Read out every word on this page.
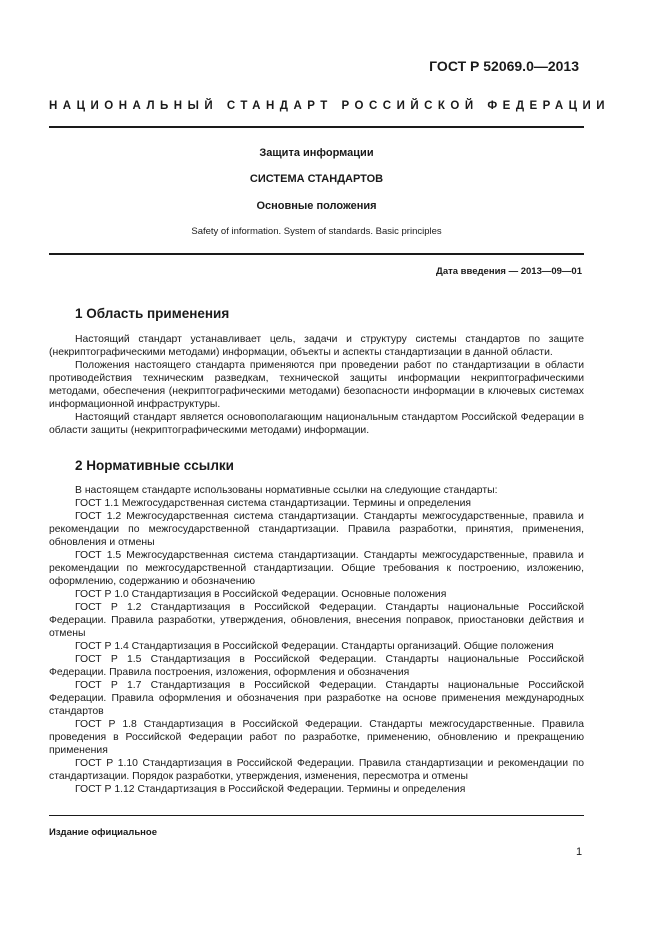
ГОСТ Р 52069.0—2013
НАЦИОНАЛЬНЫЙ СТАНДАРТ РОССИЙСКОЙ ФЕДЕРАЦИИ
Защита информации
СИСТЕМА СТАНДАРТОВ
Основные положения
Safety of information. System of standards. Basic principles
Дата введения — 2013—09—01
1 Область применения

Настоящий стандарт устанавливает цель, задачи и структуру системы стандартов по защите (некриптографическими методами) информации, объекты и аспекты стандартизации в данной области.

Положения настоящего стандарта применяются при проведении работ по стандартизации в области противодействия техническим разведкам, технической защиты информации некриптографическими методами, обеспечения (некриптографическими методами) безопасности информации в ключевых системах информационной инфраструктуры.

Настоящий стандарт является основополагающим национальным стандартом Российской Федерации в области защиты (некриптографическими методами) информации.

2 Нормативные ссылки

В настоящем стандарте использованы нормативные ссылки на следующие стандарты:

ГОСТ 1.1 Межгосударственная система стандартизации. Термины и определения

ГОСТ 1.2 Межгосударственная система стандартизации. Стандарты межгосударственные, правила и рекомендации по межгосударственной стандартизации. Правила разработки, принятия, применения, обновления и отмены

ГОСТ 1.5 Межгосударственная система стандартизации. Стандарты межгосударственные, правила и рекомендации по межгосударственной стандартизации. Общие требования к построению, изложению, оформлению, содержанию и обозначению

ГОСТ Р 1.0 Стандартизация в Российской Федерации. Основные положения

ГОСТ Р 1.2 Стандартизация в Российской Федерации. Стандарты национальные Российской Федерации. Правила разработки, утверждения, обновления, внесения поправок, приостановки действия и отмены

ГОСТ Р 1.4 Стандартизация в Российской Федерации. Стандарты организаций. Общие положения

ГОСТ Р 1.5 Стандартизация в Российской Федерации. Стандарты национальные Российской Федерации. Правила построения, изложения, оформления и обозначения

ГОСТ Р 1.7 Стандартизация в Российской Федерации. Стандарты национальные Российской Федерации. Правила оформления и обозначения при разработке на основе применения международных стандартов

ГОСТ Р 1.8 Стандартизация в Российской Федерации. Стандарты межгосударственные. Правила проведения в Российской Федерации работ по разработке, применению, обновлению и прекращению применения

ГОСТ Р 1.10 Стандартизация в Российской Федерации. Правила стандартизации и рекомендации по стандартизации. Порядок разработки, утверждения, изменения, пересмотра и отмены

ГОСТ Р 1.12 Стандартизация в Российской Федерации. Термины и определения

Издание официальное
1
